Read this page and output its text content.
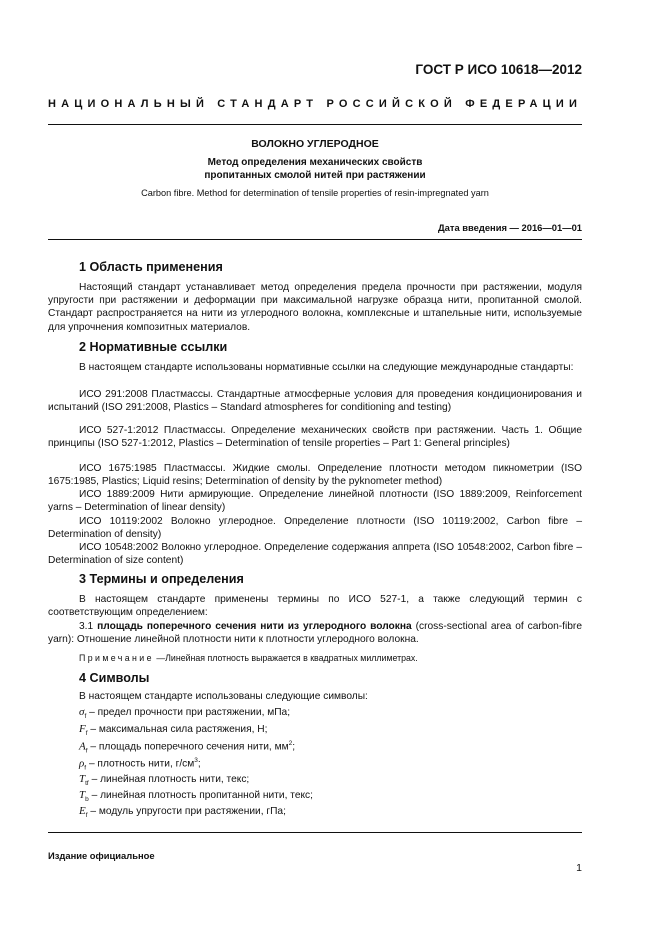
ГОСТ Р ИСО 10618—2012
НАЦИОНАЛЬНЫЙ СТАНДАРТ РОССИЙСКОЙ ФЕДЕРАЦИИ
ВОЛОКНО УГЛЕРОДНОЕ
Метод определения механических свойств
пропитанных смолой нитей при растяжении
Carbon fibre. Method for determination of tensile properties of resin-impregnated yarn
Дата введения — 2016—01—01
1 Область применения
Настоящий стандарт устанавливает метод определения предела прочности при растяжении, модуля упругости при растяжении и деформации при максимальной нагрузке образца нити, пропитанной смолой. Стандарт распространяется на нити из углеродного волокна, комплексные и штапельные нити, используемые для упрочнения композитных материалов.
2 Нормативные ссылки
В настоящем стандарте использованы нормативные ссылки на следующие международные стандарты:
ИСО 291:2008 Пластмассы. Стандартные атмосферные условия для проведения кондиционирования и испытаний (ISO 291:2008, Plastics – Standard atmospheres for conditioning and testing)
ИСО 527-1:2012 Пластмассы. Определение механических свойств при растяжении. Часть 1. Общие принципы (ISO 527-1:2012, Plastics – Determination of tensile properties – Part 1: General principles)
ИСО 1675:1985 Пластмассы. Жидкие смолы. Определение плотности методом пикнометрии (ISO 1675:1985, Plastics; Liquid resins; Determination of density by the pyknometer method)
ИСО 1889:2009 Нити армирующие. Определение линейной плотности (ISO 1889:2009, Reinforcement yarns – Determination of linear density)
ИСО 10119:2002 Волокно углеродное. Определение плотности (ISO 10119:2002, Carbon fibre – Determination of density)
ИСО 10548:2002 Волокно углеродное. Определение содержания аппрета (ISO 10548:2002, Carbon fibre – Determination of size content)
3 Термины и определения
В настоящем стандарте применены термины по ИСО 527-1, а также следующий термин с соответствующим определением:
3.1 площадь поперечного сечения нити из углеродного волокна (cross-sectional area of carbon-fibre yarn): Отношение линейной плотности нити к плотности углеродного волокна.
Примечание —Линейная плотность выражается в квадратных миллиметрах.
4 Символы
В настоящем стандарте использованы следующие символы:
$\sigma_f$ – предел прочности при растяжении, мПа;
$F_f$ – максимальная сила растяжения, Н;
$A_f$ – площадь поперечного сечения нити, $мм^2$;
$\rho_f$ – плотность нити, $г/см^3$;
$T_{tf}$ – линейная плотность нити, текс;
$T_b$ – линейная плотность пропитанной нити, текс;
$E_f$ – модуль упругости при растяжении, гПа;
Издание официальное
1
